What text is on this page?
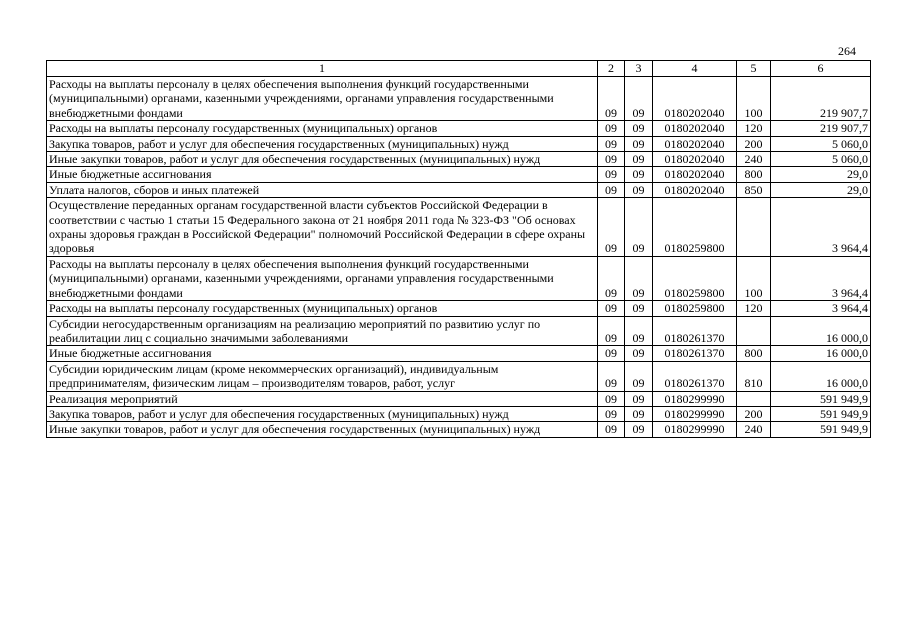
264
1	2	3	4	5	6
Расходы на выплаты персоналу в целях обеспечения выполнения функций государственными (муниципальными) органами, казенными учреждениями, органами управления государственными внебюджетными фондами	09	09	0180202040	100	219 907,7
Расходы на выплаты персоналу государственных (муниципальных) органов	09	09	0180202040	120	219 907,7
Закупка товаров, работ и услуг для обеспечения государственных (муниципальных) нужд	09	09	0180202040	200	5 060,0
Иные закупки товаров, работ и услуг для обеспечения государственных (муниципальных) нужд	09	09	0180202040	240	5 060,0
Иные бюджетные ассигнования	09	09	0180202040	800	29,0
Уплата налогов, сборов и иных платежей	09	09	0180202040	850	29,0
Осуществление переданных органам государственной власти субъектов Российской Федерации в соответствии с частью 1 статьи 15 Федерального закона от 21 ноября 2011 года № 323-ФЗ "Об основах охраны здоровья граждан в Российской Федерации" полномочий Российской Федерации в сфере охраны здоровья	09	09	0180259800		3 964,4
Расходы на выплаты персоналу в целях обеспечения выполнения функций государственными (муниципальными) органами, казенными учреждениями, органами управления государственными внебюджетными фондами	09	09	0180259800	100	3 964,4
Расходы на выплаты персоналу государственных (муниципальных) органов	09	09	0180259800	120	3 964,4
Субсидии негосударственным организациям на реализацию мероприятий по развитию услуг по реабилитации лиц с социально значимыми заболеваниями	09	09	0180261370		16 000,0
Иные бюджетные ассигнования	09	09	0180261370	800	16 000,0
Субсидии юридическим лицам (кроме некоммерческих организаций), индивидуальным предпринимателям, физическим лицам – производителям товаров, работ, услуг	09	09	0180261370	810	16 000,0
Реализация мероприятий	09	09	0180299990		591 949,9
Закупка товаров, работ и услуг для обеспечения государственных (муниципальных) нужд	09	09	0180299990	200	591 949,9
Иные закупки товаров, работ и услуг для обеспечения государственных (муниципальных) нужд	09	09	0180299990	240	591 949,9
